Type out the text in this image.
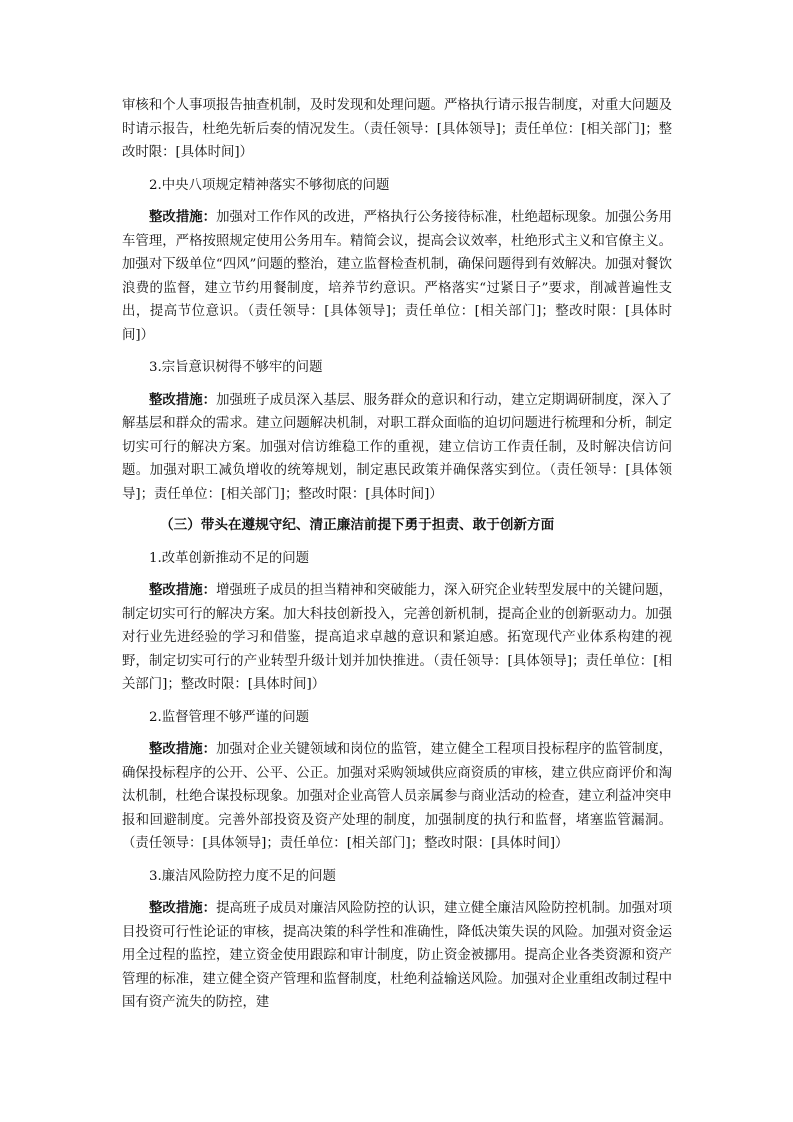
审核和个人事项报告抽查机制，及时发现和处理问题。严格执行请示报告制度，对重大问题及时请示报告，杜绝先斩后奏的情况发生。（责任领导：[具体领导]；责任单位：[相关部门]；整改时限：[具体时间]）

2.中央八项规定精神落实不够彻底的问题

整改措施：加强对工作作风的改进，严格执行公务接待标准，杜绝超标现象。加强公务用车管理，严格按照规定使用公务用车。精简会议，提高会议效率，杜绝形式主义和官僚主义。加强对下级单位“四风”问题的整治，建立监督检查机制，确保问题得到有效解决。加强对餐饮浪费的监督，建立节约用餐制度，培养节约意识。严格落实“过紧日子”要求，削减普遍性支出，提高节位意识。（责任领导：[具体领导]；责任单位：[相关部门]；整改时限：[具体时间]）

3.宗旨意识树得不够牢的问题

整改措施：加强班子成员深入基层、服务群众的意识和行动，建立定期调研制度，深入了解基层和群众的需求。建立问题解决机制，对职工群众面临的迫切问题进行梳理和分析，制定切实可行的解决方案。加强对信访维稳工作的重视，建立信访工作责任制，及时解决信访问题。加强对职工减负增收的统筹规划，制定惠民政策并确保落实到位。（责任领导：[具体领导]；责任单位：[相关部门]；整改时限：[具体时间]）

（三）带头在遵规守纪、清正廉洁前提下勇于担责、敢于创新方面

1.改革创新推动不足的问题

整改措施：增强班子成员的担当精神和突破能力，深入研究企业转型发展中的关键问题，制定切实可行的解决方案。加大科技创新投入，完善创新机制，提高企业的创新驱动力。加强对行业先进经验的学习和借鉴，提高追求卓越的意识和紧迫感。拓宽现代产业体系构建的视野，制定切实可行的产业转型升级计划并加快推进。（责任领导：[具体领导]；责任单位：[相关部门]；整改时限：[具体时间]）

2.监督管理不够严谨的问题

整改措施：加强对企业关键领域和岗位的监管，建立健全工程项目投标程序的监管制度，确保投标程序的公开、公平、公正。加强对采购领域供应商资质的审核，建立供应商评价和淘汰机制，杜绝合谋投标现象。加强对企业高管人员亲属参与商业活动的检查，建立利益冲突申报和回避制度。完善外部投资及资产处理的制度，加强制度的执行和监督，堵塞监管漏洞。（责任领导：[具体领导]；责任单位：[相关部门]；整改时限：[具体时间]）

3.廉洁风险防控力度不足的问题

整改措施：提高班子成员对廉洁风险防控的认识，建立健全廉洁风险防控机制。加强对项目投资可行性论证的审核，提高决策的科学性和准确性，降低决策失误的风险。加强对资金运用全过程的监控，建立资金使用跟踪和审计制度，防止资金被挪用。提高企业各类资源和资产管理的标准，建立健全资产管理和监督制度，杜绝利益输送风险。加强对企业重组改制过程中国有资产流失的防控，建
